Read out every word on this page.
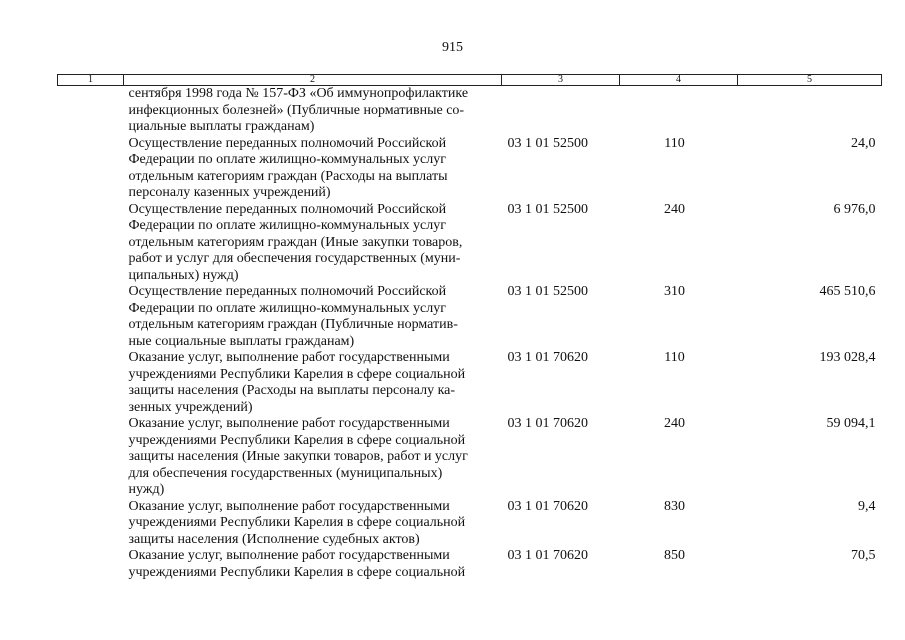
915
1	2	3	4	5
	сентября 1998 года № 157-ФЗ «Об иммунопрофилактике
инфекционных болезней» (Публичные нормативные со-
циальные выплаты гражданам)			
	Осуществление переданных полномочий Российской
Федерации по оплате жилищно-коммунальных услуг
отдельным категориям граждан (Расходы на выплаты
персоналу казенных учреждений)	03 1 01 52500	110	24,0
	Осуществление переданных полномочий Российской
Федерации по оплате жилищно-коммунальных услуг
отдельным категориям граждан (Иные закупки товаров,
работ и услуг для обеспечения государственных (муни-
ципальных) нужд)	03 1 01 52500	240	6 976,0
	Осуществление переданных полномочий Российской
Федерации по оплате жилищно-коммунальных услуг
отдельным категориям граждан (Публичные норматив-
ные социальные выплаты гражданам)	03 1 01 52500	310	465 510,6
	Оказание услуг, выполнение работ государственными
учреждениями Республики Карелия в сфере социальной
защиты населения (Расходы на выплаты персоналу ка-
зенных учреждений)	03 1 01 70620	110	193 028,4
	Оказание услуг, выполнение работ государственными
учреждениями Республики Карелия в сфере социальной
защиты населения (Иные закупки товаров, работ и услуг
для обеспечения государственных (муниципальных)
нужд)	03 1 01 70620	240	59 094,1
	Оказание услуг, выполнение работ государственными
учреждениями Республики Карелия в сфере социальной
защиты населения (Исполнение судебных актов)	03 1 01 70620	830	9,4
	Оказание услуг, выполнение работ государственными
учреждениями Республики Карелия в сфере социальной	03 1 01 70620	850	70,5
